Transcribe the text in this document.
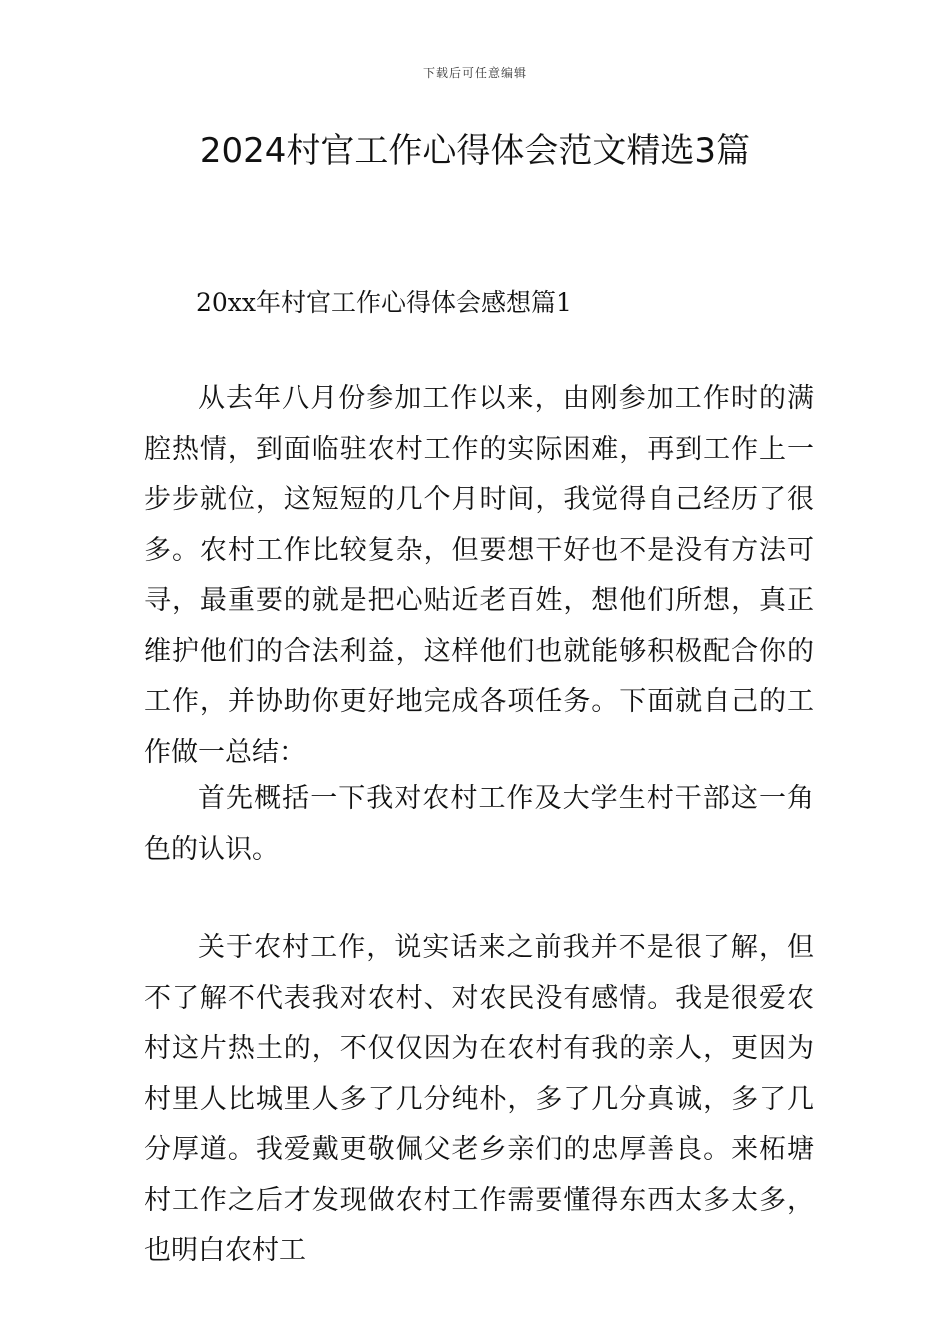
下载后可任意编辑
2024村官工作心得体会范文精选3篇
20xx年村官工作心得体会感想篇1

从去年八月份参加工作以来，由刚参加工作时的满腔热情，到面临驻农村工作的实际困难，再到工作上一步步就位，这短短的几个月时间，我觉得自己经历了很多。农村工作比较复杂，但要想干好也不是没有方法可寻，最重要的就是把心贴近老百姓，想他们所想，真正维护他们的合法利益，这样他们也就能够积极配合你的工作，并协助你更好地完成各项任务。下面就自己的工作做一总结：

首先概括一下我对农村工作及大学生村干部这一角色的认识。

关于农村工作，说实话来之前我并不是很了解，但不了解不代表我对农村、对农民没有感情。我是很爱农村这片热土的，不仅仅因为在农村有我的亲人，更因为村里人比城里人多了几分纯朴，多了几分真诚，多了几分厚道。我爱戴更敬佩父老乡亲们的忠厚善良。来柘塘村工作之后才发现做农村工作需要懂得东西太多太多，也明白农村工
